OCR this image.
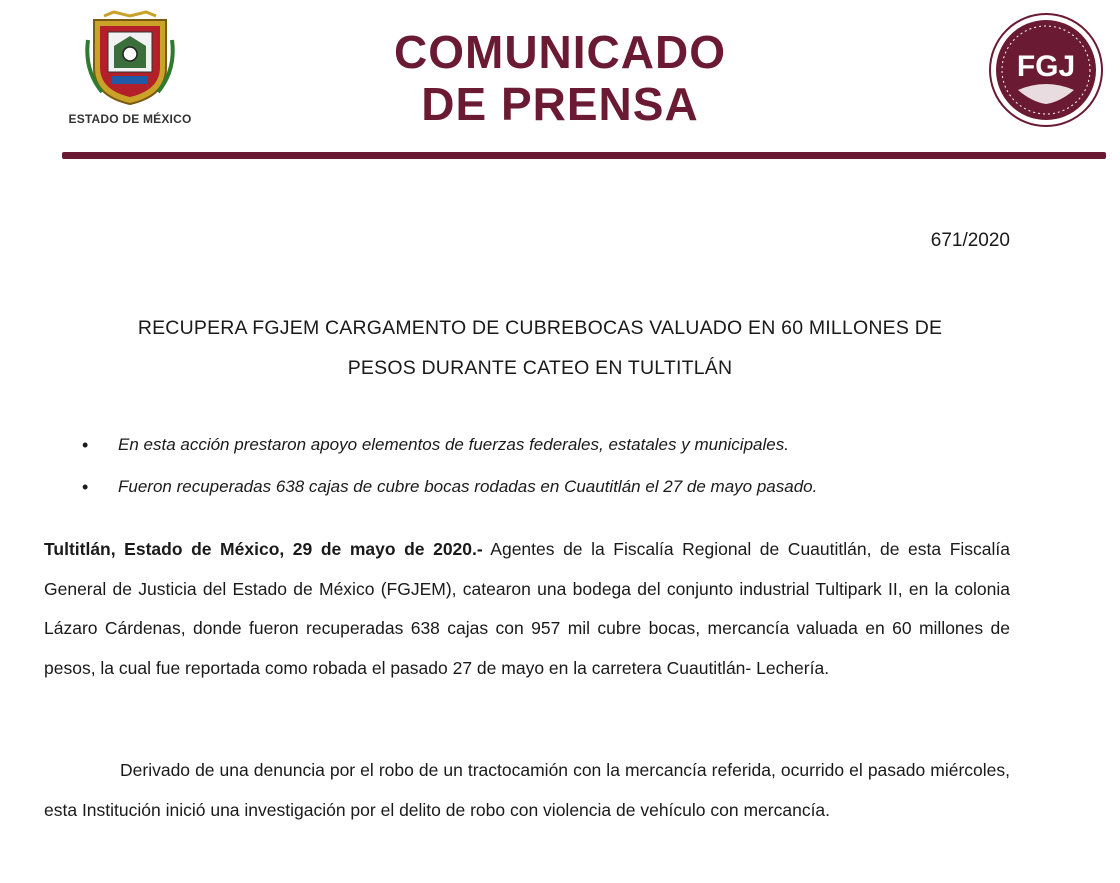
ESTADO DE MÉXICO
COMUNICADO
DE PRENSA
FGJ
671/2020
RECUPERA FGJEM CARGAMENTO DE CUBREBOCAS VALUADO EN 60 MILLONES DE
PESOS DURANTE CATEO EN TULTITLÁN
• En esta acción prestaron apoyo elementos de fuerzas federales, estatales y municipales.
• Fueron recuperadas 638 cajas de cubre bocas rodadas en Cuautitlán el 27 de mayo pasado.

Tultitlán, Estado de México, 29 de mayo de 2020.- Agentes de la Fiscalía Regional de Cuautitlán, de esta Fiscalía General de Justicia del Estado de México (FGJEM), catearon una bodega del conjunto industrial Tultipark II, en la colonia Lázaro Cárdenas, donde fueron recuperadas 638 cajas con 957 mil cubre bocas, mercancía valuada en 60 millones de pesos, la cual fue reportada como robada el pasado 27 de mayo en la carretera Cuautitlán- Lechería.

Derivado de una denuncia por el robo de un tractocamión con la mercancía referida, ocurrido el pasado miércoles, esta Institución inició una investigación por el delito de robo con violencia de vehículo con mercancía.
